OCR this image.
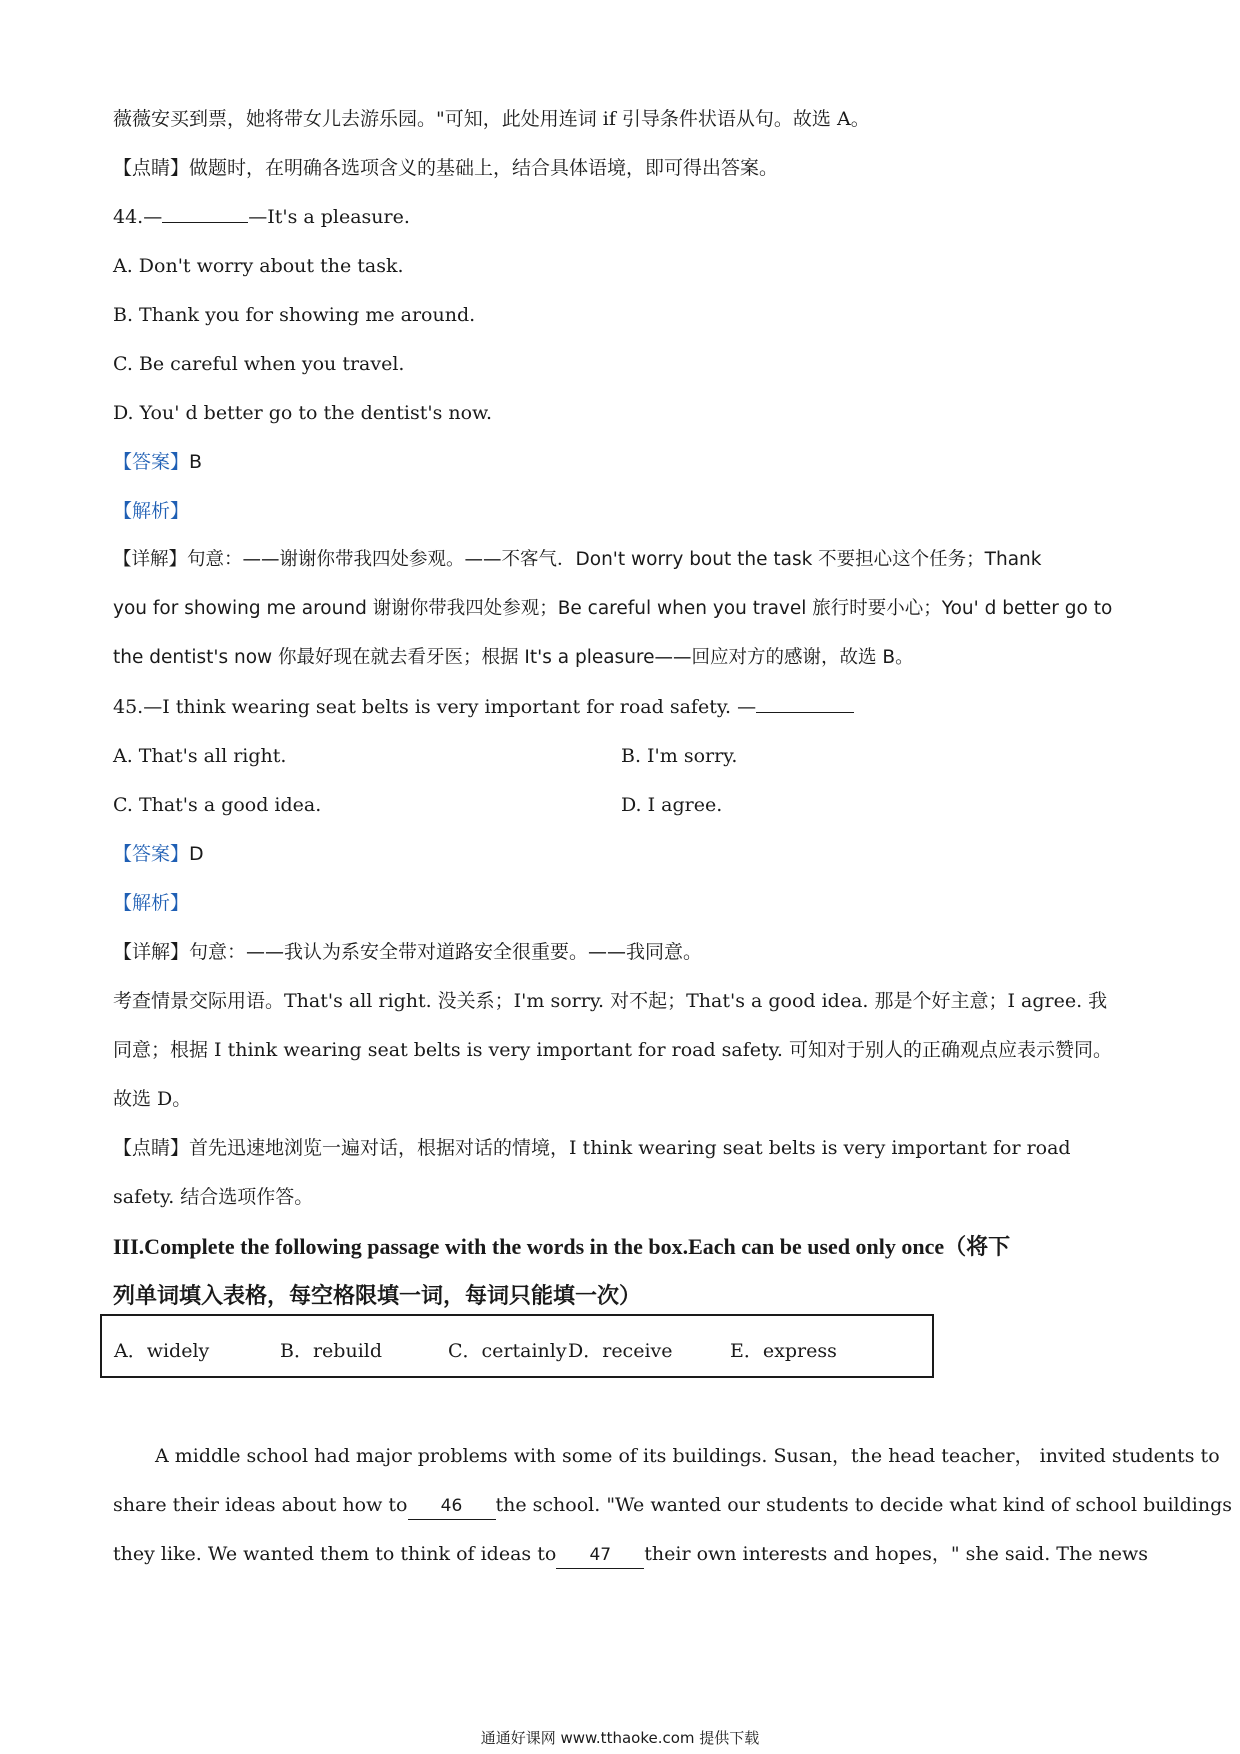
薇薇安买到票，她将带女儿去游乐园。"可知，此处用连词 if 引导条件状语从句。故选 A。
【点睛】做题时，在明确各选项含义的基础上，结合具体语境，即可得出答案。
44.—	—It's a pleasure.
A. Don't worry about the task.
B. Thank you for showing me around.
C. Be careful when you travel.
D. You' d better go to the dentist's now.
【答案】B
【解析】
【详解】句意：——谢谢你带我四处参观。——不客气．Don't worry bout the task 不要担心这个任务；Thank
you for showing me around 谢谢你带我四处参观；Be careful when you travel 旅行时要小心；You' d better go to
the dentist's now 你最好现在就去看牙医；根据 It's a pleasure——回应对方的感谢，故选 B。
45.—I think wearing seat belts is very important for road safety. —
A. That's all right.	B. I'm sorry.
C. That's a good idea.	D. I agree.
【答案】D
【解析】
【详解】句意：——我认为系安全带对道路安全很重要。——我同意。
考查情景交际用语。That's all right. 没关系；I'm sorry. 对不起；That's a good idea. 那是个好主意；I agree. 我
同意；根据 I think wearing seat belts is very important for road safety. 可知对于别人的正确观点应表示赞同。
故选 D。
【点睛】首先迅速地浏览一遍对话，根据对话的情境，I think wearing seat belts is very important for road
safety. 结合选项作答。
III.Complete the following passage with the words in the box.Each can be used only once（将下
列单词填入表格，每空格限填一词，每词只能填一次）
A．widely	B．rebuild	C．certainly D．receive	E．express
A middle school had major problems with some of its buildings. Susan，the head teacher， invited students to
share their ideas about how to 46 the school. "We wanted our students to decide what kind of school buildings
they like. We wanted them to think of ideas to 47 their own interests and hopes，" she said. The news
通通好课网 www.tthaoke.com 提供下载
